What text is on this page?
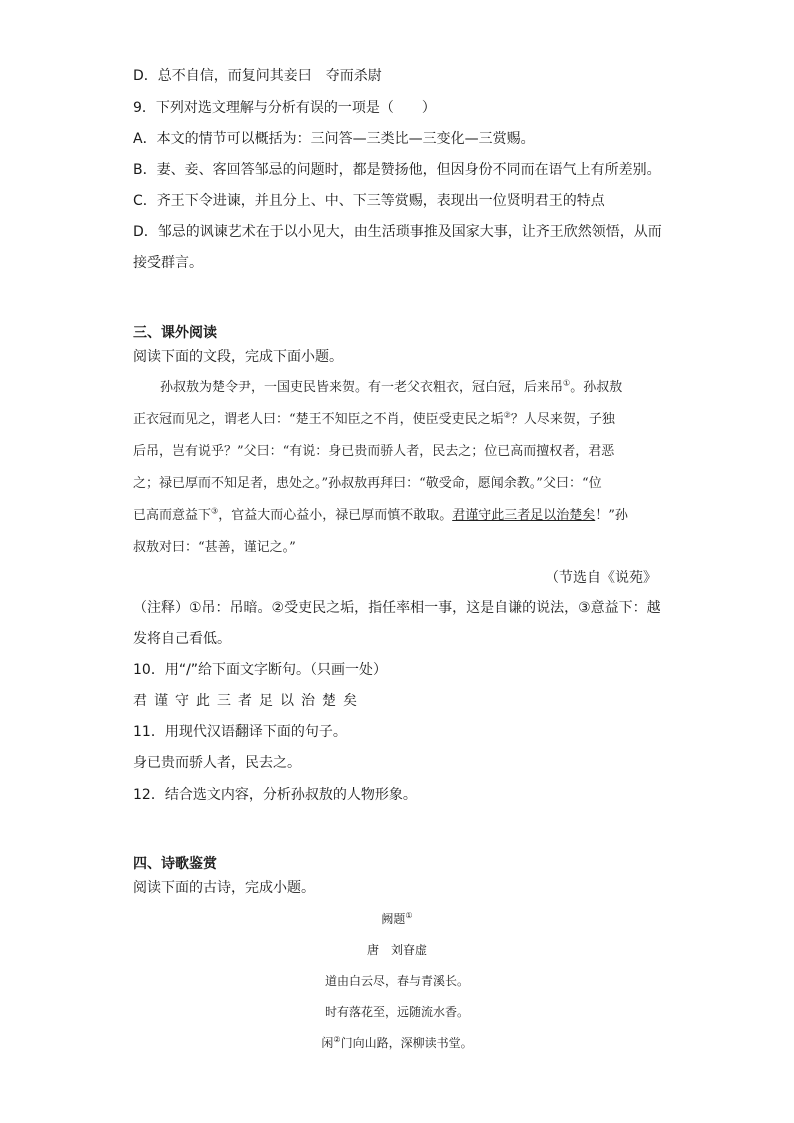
D．总不自信，而复问其妾曰　夺而杀尉
9．下列对选文理解与分析有误的一项是（　　）
A．本文的情节可以概括为：三问答—三类比—三变化—三赏赐。
B．妻、妾、客回答邹忌的问题时，都是赞扬他，但因身份不同而在语气上有所差别。
C．齐王下令进谏，并且分上、中、下三等赏赐，表现出一位贤明君王的特点
D．邹忌的讽谏艺术在于以小见大，由生活琐事推及国家大事，让齐王欣然领悟，从而
接受群言。
三、课外阅读
阅读下面的文段，完成下面小题。
孙叔敖为楚令尹，一国吏民皆来贺。有一老父衣粗衣，冠白冠，后来吊①。孙叔敖
正衣冠而见之，谓老人曰：“楚王不知臣之不肖，使臣受吏民之垢②？人尽来贺，子独
后吊，岂有说乎？”父曰：“有说：身已贵而骄人者，民去之；位已高而擅权者，君恶
之；禄已厚而不知足者，患处之。”孙叔敖再拜曰：“敬受命，愿闻余教。”父曰：“位
已高而意益下③，官益大而心益小，禄已厚而慎不敢取。君谨守此三者足以治楚矣！”孙
叔敖对曰：“甚善，谨记之。”
（节选自《说苑》
（注释）①吊：吊暗。②受吏民之垢，指任率相一事，这是自谦的说法，③意益下：越
发将自己看低。
10．用“/”给下面文字断句。（只画一处）
君谨守此三者足以治楚矣
11．用现代汉语翻译下面的句子。
身已贵而骄人者，民去之。
12．结合选文内容，分析孙叔敖的人物形象。
四、诗歌鉴赏
阅读下面的古诗，完成小题。
阙题①
唐　刘眘虚
道由白云尽，春与青溪长。
时有落花至，远随流水香。
闲②门向山路，深柳读书堂。
